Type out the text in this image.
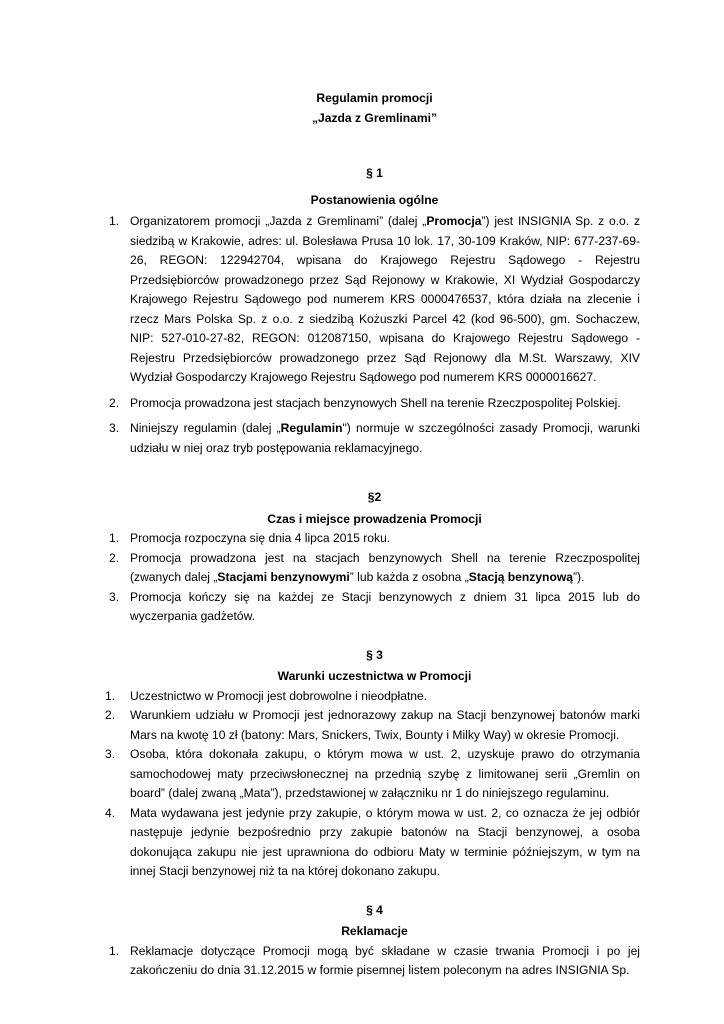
Regulamin promocji

„Jazda z Gremlinami”

§ 1

Postanowienia ogólne

1. Organizatorem promocji „Jazda z Gremlinami” (dalej „Promocja”) jest INSIGNIA Sp. z o.o. z siedzibą w Krakowie, adres: ul. Bolesława Prusa 10 lok. 17, 30-109 Kraków, NIP: 677-237-69-26, REGON: 122942704, wpisana do Krajowego Rejestru Sądowego - Rejestru Przedsiębiorców prowadzonego przez Sąd Rejonowy w Krakowie, XI Wydział Gospodarczy Krajowego Rejestru Sądowego pod numerem KRS 0000476537, która działa na zlecenie i rzecz Mars Polska Sp. z o.o. z siedzibą Kożuszki Parcel 42 (kod 96-500), gm. Sochaczew, NIP: 527-010-27-82, REGON: 012087150, wpisana do Krajowego Rejestru Sądowego - Rejestru Przedsiębiorców prowadzonego przez Sąd Rejonowy dla M.St. Warszawy, XIV Wydział Gospodarczy Krajowego Rejestru Sądowego pod numerem KRS 0000016627.
2. Promocja prowadzona jest stacjach benzynowych Shell na terenie Rzeczpospolitej Polskiej.
3. Niniejszy regulamin (dalej „Regulamin") normuje w szczególności zasady Promocji, warunki udziału w niej oraz tryb postępowania reklamacyjnego.

§2

Czas i miejsce prowadzenia Promocji

1. Promocja rozpoczyna się dnia 4 lipca 2015 roku.
2. Promocja prowadzona jest na stacjach benzynowych Shell na terenie Rzeczpospolitej (zwanych dalej „Stacjami benzynowymi” lub każda z osobna „Stacją benzynową”).
3. Promocja kończy się na każdej ze Stacji benzynowych z dniem 31 lipca 2015 lub do wyczerpania gadżetów.

§ 3

Warunki uczestnictwa w Promocji

1. Uczestnictwo w Promocji jest dobrowolne i nieodpłatne.
2. Warunkiem udziału w Promocji jest jednorazowy zakup na Stacji benzynowej batonów marki Mars na kwotę 10 zł (batony: Mars, Snickers, Twix, Bounty i Milky Way) w okresie Promocji.
3. Osoba, która dokonała zakupu, o którym mowa w ust. 2, uzyskuje prawo do otrzymania samochodowej maty przeciwsłonecznej na przednią szybę z limitowanej serii „Gremlin on board” (dalej zwaną „Mata”), przedstawionej w załączniku nr 1 do niniejszego regulaminu.
4. Mata wydawana jest jedynie przy zakupie, o którym mowa w ust. 2, co oznacza że jej odbiór następuje jedynie bezpośrednio przy zakupie batonów na Stacji benzynowej, a osoba dokonująca zakupu nie jest uprawniona do odbioru Maty w terminie późniejszym, w tym na innej Stacji benzynowej niż ta na której dokonano zakupu.

§ 4

Reklamacje

1. Reklamacje dotyczące Promocji mogą być składane w czasie trwania Promocji i po jej zakończeniu do dnia 31.12.2015 w formie pisemnej listem poleconym na adres INSIGNIA Sp.
